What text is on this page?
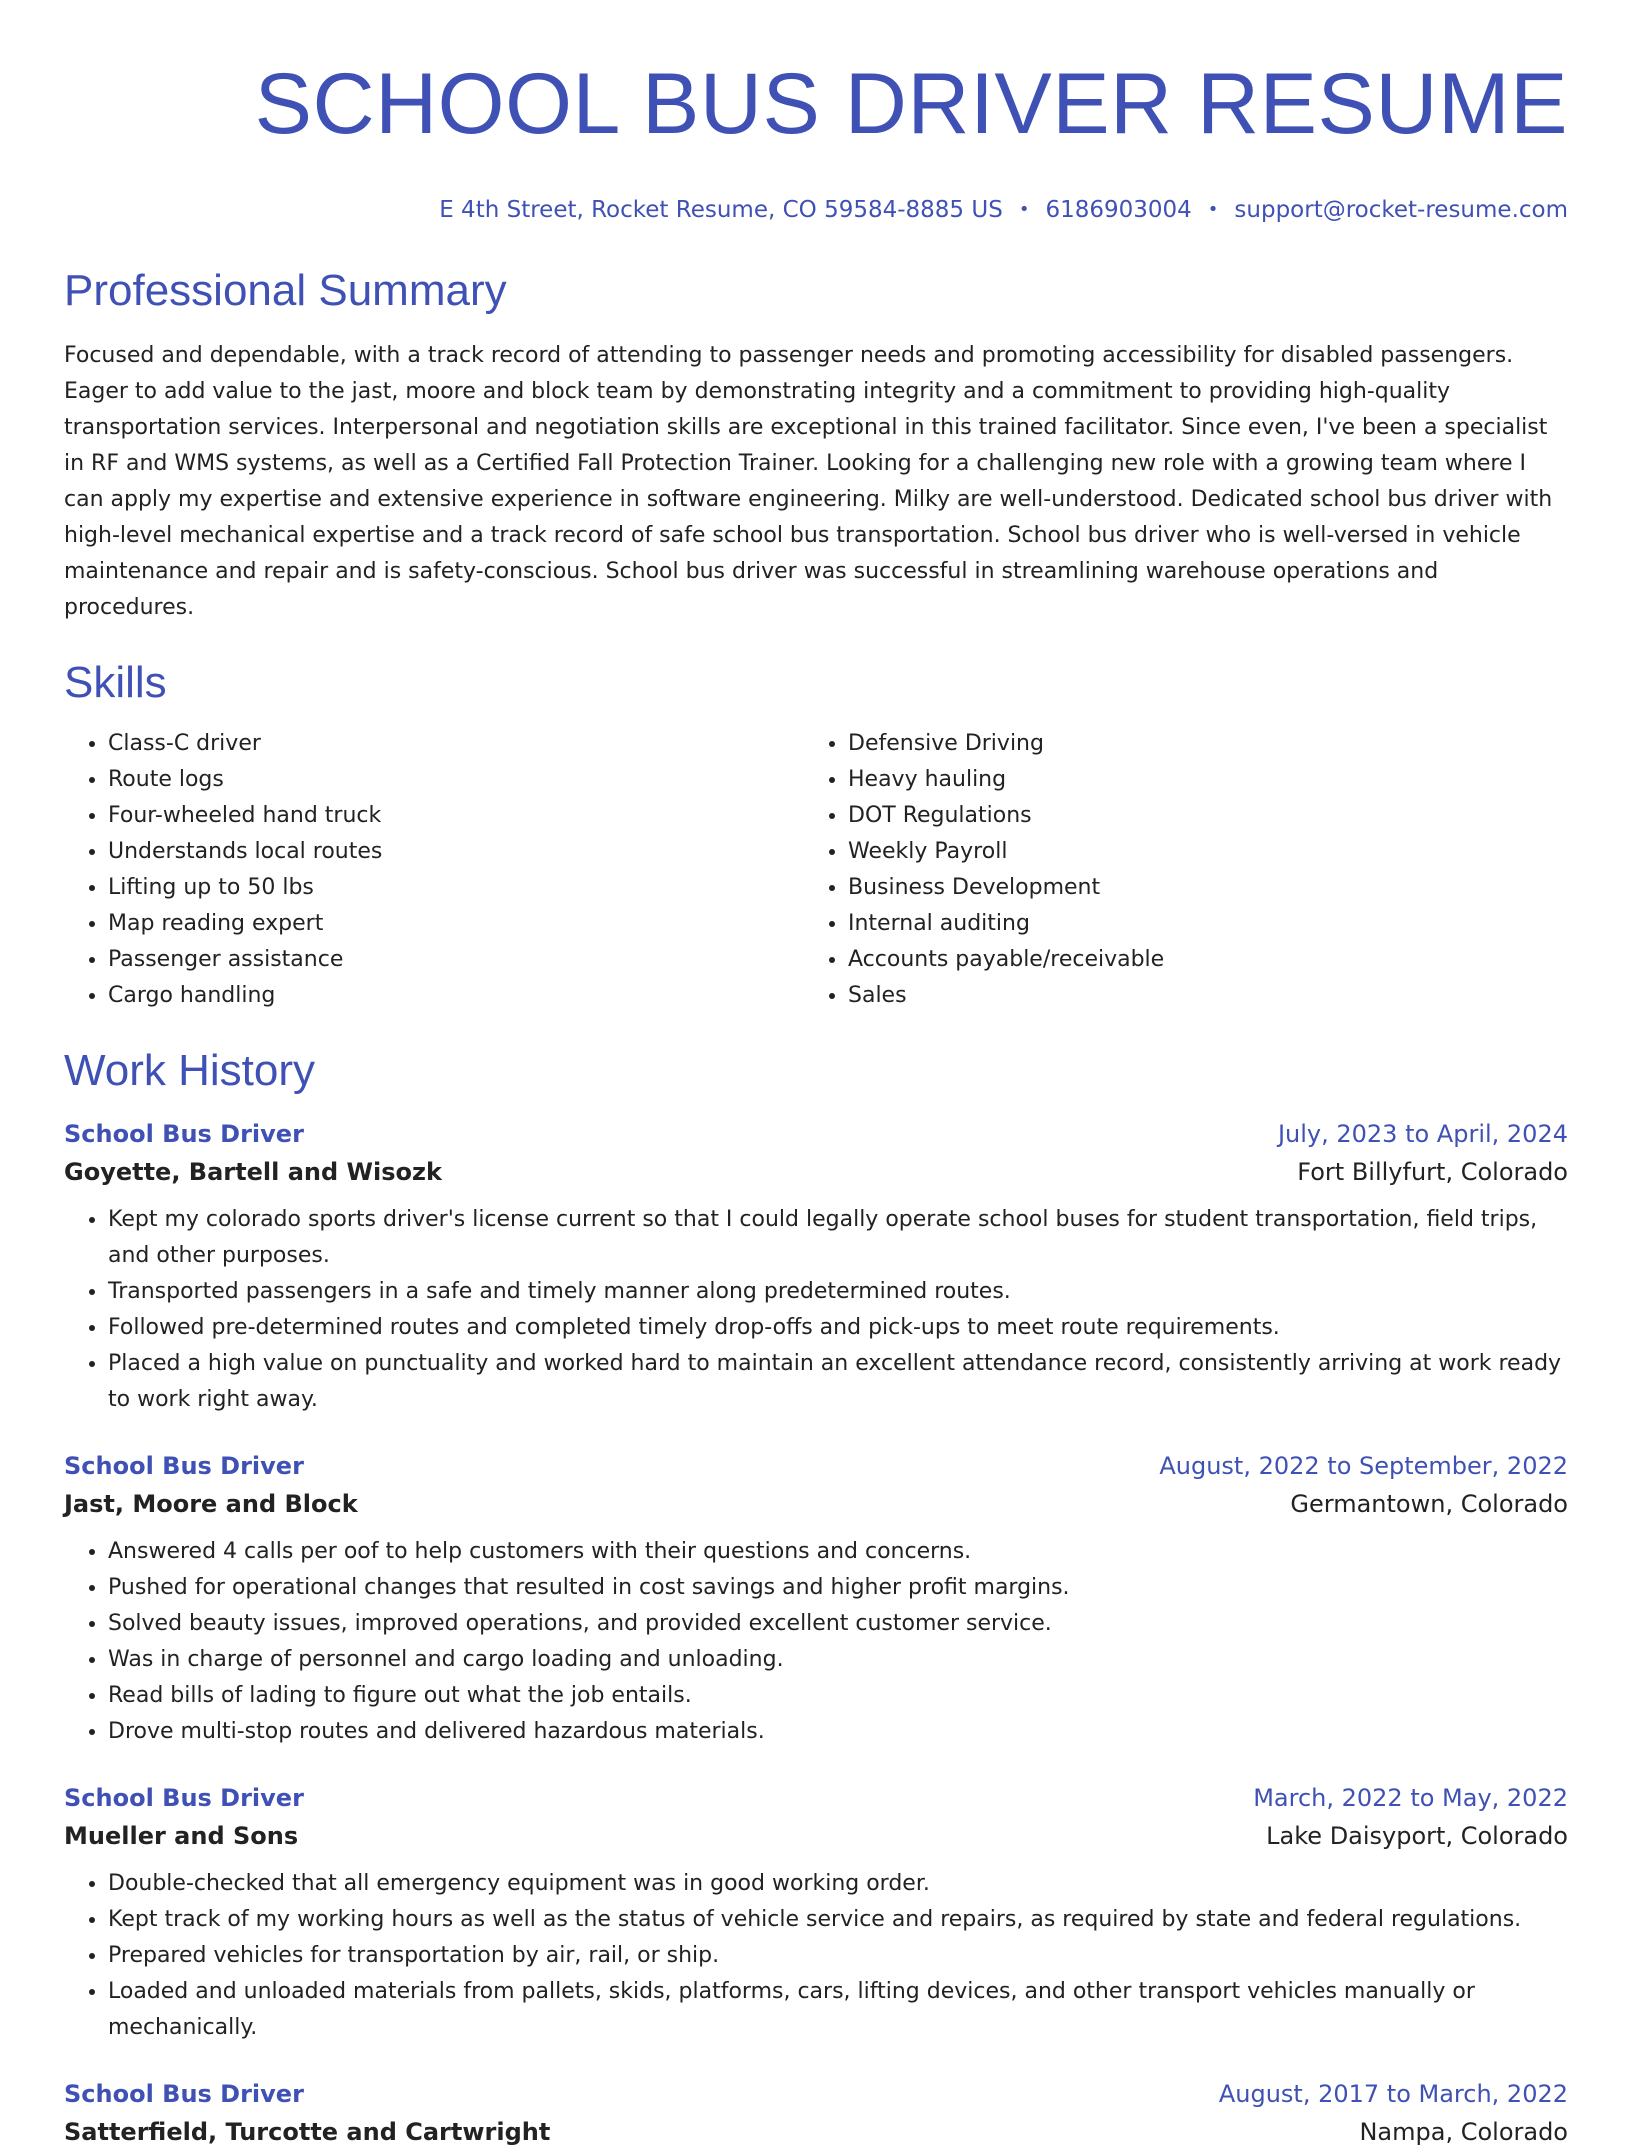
SCHOOL BUS DRIVER RESUME
E 4th Street, Rocket Resume, CO 59584-8885 US • 6186903004 • support@rocket-resume.com
Professional Summary

Focused and dependable, with a track record of attending to passenger needs and promoting accessibility for disabled passengers. Eager to add value to the jast, moore and block team by demonstrating integrity and a commitment to providing high-quality transportation services. Interpersonal and negotiation skills are exceptional in this trained facilitator. Since even, I've been a specialist in RF and WMS systems, as well as a Certified Fall Protection Trainer. Looking for a challenging new role with a growing team where I can apply my expertise and extensive experience in software engineering. Milky are well-understood. Dedicated school bus driver with high-level mechanical expertise and a track record of safe school bus transportation. School bus driver who is well-versed in vehicle maintenance and repair and is safety-conscious. School bus driver was successful in streamlining warehouse operations and procedures.

Skills
• Class-C driver
• Route logs
• Four-wheeled hand truck
• Understands local routes
• Lifting up to 50 lbs
• Map reading expert
• Passenger assistance
• Cargo handling
• Defensive Driving
• Heavy hauling
• DOT Regulations
• Weekly Payroll
• Business Development
• Internal auditing
• Accounts payable/receivable
• Sales
Work History
School Bus Driver	July, 2023 to April, 2024
Goyette, Bartell and Wisozk	Fort Billyfurt, Colorado
• Kept my colorado sports driver's license current so that I could legally operate school buses for student transportation, field trips, and other purposes.
• Transported passengers in a safe and timely manner along predetermined routes.
• Followed pre-determined routes and completed timely drop-offs and pick-ups to meet route requirements.
• Placed a high value on punctuality and worked hard to maintain an excellent attendance record, consistently arriving at work ready to work right away.
School Bus Driver	August, 2022 to September, 2022
Jast, Moore and Block	Germantown, Colorado
• Answered 4 calls per oof to help customers with their questions and concerns.
• Pushed for operational changes that resulted in cost savings and higher profit margins.
• Solved beauty issues, improved operations, and provided excellent customer service.
• Was in charge of personnel and cargo loading and unloading.
• Read bills of lading to figure out what the job entails.
• Drove multi-stop routes and delivered hazardous materials.
School Bus Driver	March, 2022 to May, 2022
Mueller and Sons	Lake Daisyport, Colorado
• Double-checked that all emergency equipment was in good working order.
• Kept track of my working hours as well as the status of vehicle service and repairs, as required by state and federal regulations.
• Prepared vehicles for transportation by air, rail, or ship.
• Loaded and unloaded materials from pallets, skids, platforms, cars, lifting devices, and other transport vehicles manually or mechanically.
School Bus Driver	August, 2017 to March, 2022
Satterfield, Turcotte and Cartwright	Nampa, Colorado
